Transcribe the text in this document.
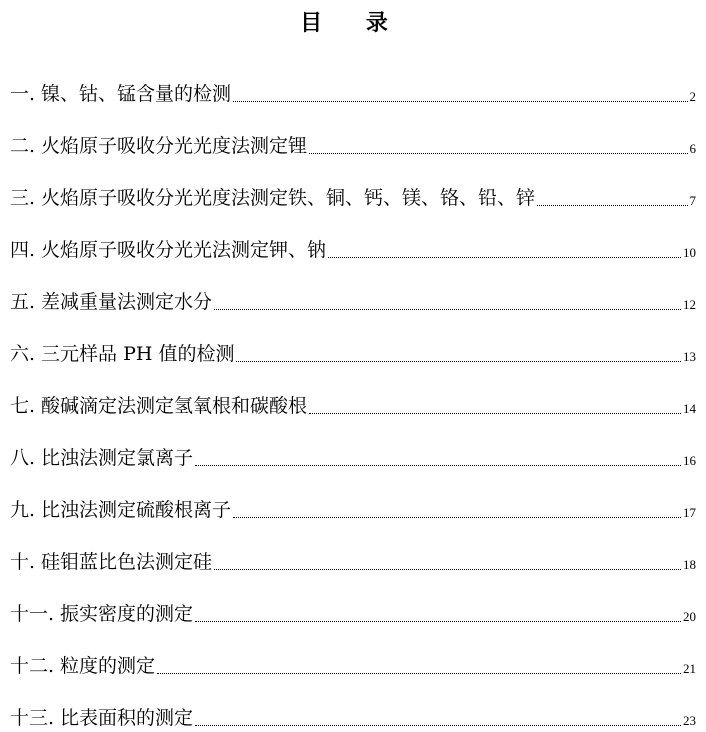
目 录
一. 镍、钴、锰含量的检测	2
二. 火焰原子吸收分光光度法测定锂	6
三. 火焰原子吸收分光光度法测定铁、铜、钙、镁、铬、铅、锌	7
四. 火焰原子吸收分光光法测定钾、钠	10
五. 差减重量法测定水分	12
六. 三元样品 PH 值的检测	13
七. 酸碱滴定法测定氢氧根和碳酸根	14
八. 比浊法测定氯离子	16
九. 比浊法测定硫酸根离子	17
十. 硅钼蓝比色法测定硅	18
十一. 振实密度的测定	20
十二. 粒度的测定	21
十三. 比表面积的测定	23
